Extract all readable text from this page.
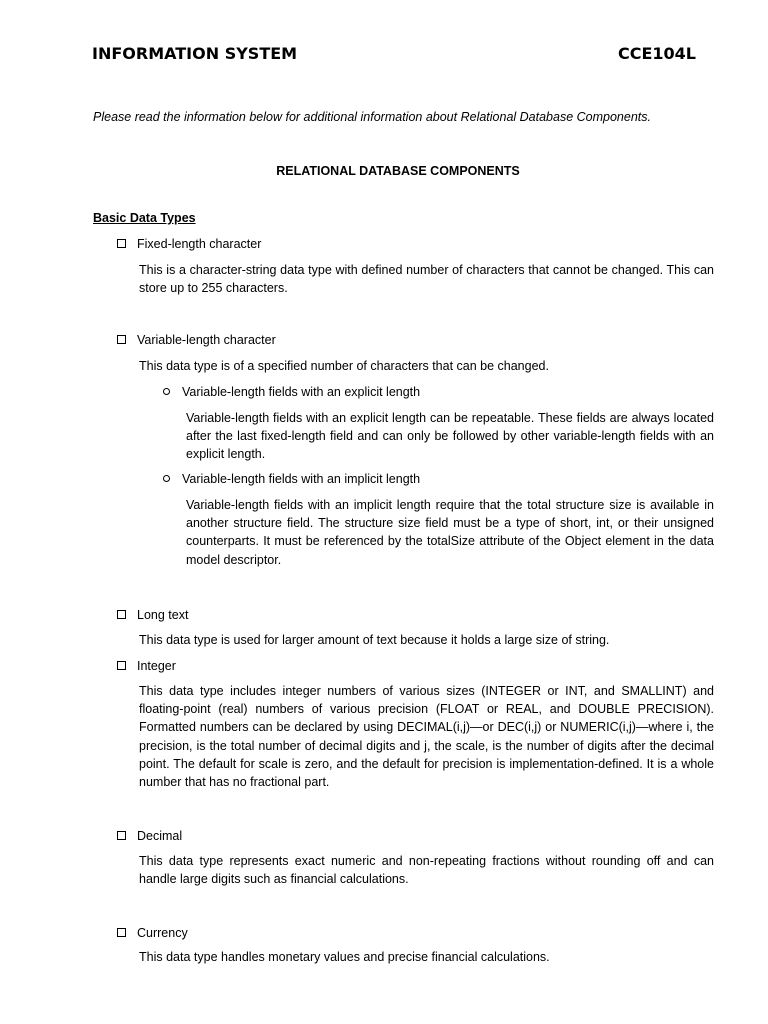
INFORMATION SYSTEM	CCE104L
Please read the information below for additional information about Relational Database Components.
RELATIONAL DATABASE COMPONENTS
Basic Data Types
Fixed-length character
This is a character-string data type with defined number of characters that cannot be changed. This can store up to 255 characters.
Variable-length character
This data type is of a specified number of characters that can be changed.
Variable-length fields with an explicit length
Variable-length fields with an explicit length can be repeatable. These fields are always located after the last fixed-length field and can only be followed by other variable-length fields with an explicit length.
Variable-length fields with an implicit length
Variable-length fields with an implicit length require that the total structure size is available in another structure field. The structure size field must be a type of short, int, or their unsigned counterparts. It must be referenced by the totalSize attribute of the Object element in the data model descriptor.
Long text
This data type is used for larger amount of text because it holds a large size of string.
Integer
This data type includes integer numbers of various sizes (INTEGER or INT, and SMALLINT) and floating-point (real) numbers of various precision (FLOAT or REAL, and DOUBLE PRECISION). Formatted numbers can be declared by using DECIMAL(i,j)—or DEC(i,j) or NUMERIC(i,j)—where i, the precision, is the total number of decimal digits and j, the scale, is the number of digits after the decimal point. The default for scale is zero, and the default for precision is implementation-defined. It is a whole number that has no fractional part.
Decimal
This data type represents exact numeric and non-repeating fractions without rounding off and can handle large digits such as financial calculations.
Currency
This data type handles monetary values and precise financial calculations.
